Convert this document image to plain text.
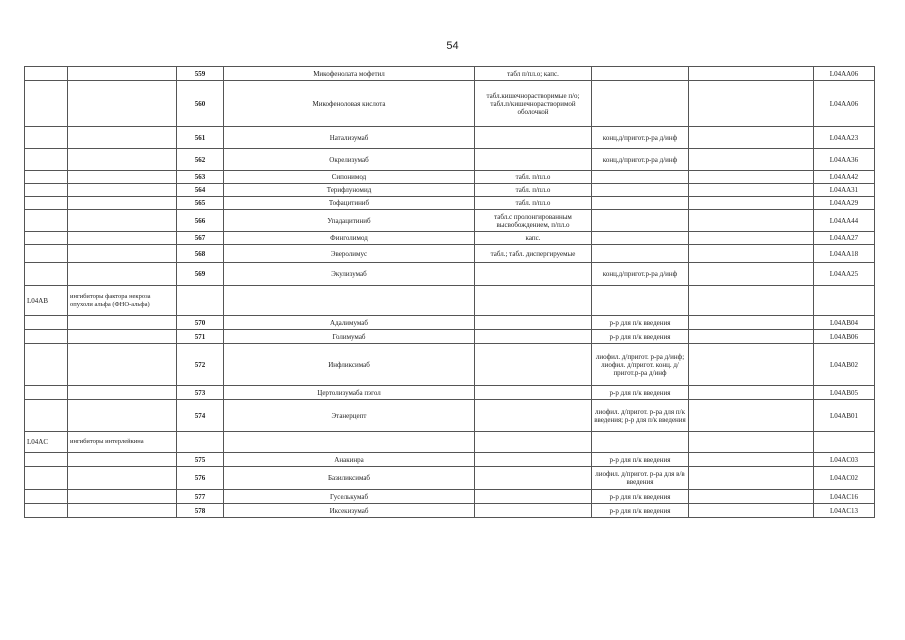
54
		559	Микофенолата мофетил	табл п/пл.о; капс.			L04AA06
		560	Микофеноловая кислота	табл.кишечнорастворимые п/о; табл.п/кишечнорастворимой оболочкой			L04AA06
		561	Натализумаб		конц.д/пригот.р-ра д/инф		L04AA23
		562	Окрелизумаб		конц.д/пригот.р-ра д/инф		L04AA36
		563	Сипонимод	табл. п/пл.о			L04AA42
		564	Терифлуномид	табл. п/пл.о			L04AA31
		565	Тофацитиниб	табл. п/пл.о			L04AA29
		566	Упадацитиниб	табл.с пролонгированным высвобождением, п/пл.о			L04AA44
		567	Финголимод	капс.			L04AA27
		568	Эверолимус	табл.; табл. диспергируемые			L04AA18
		569	Экулизумаб		конц.д/пригот.р-ра д/инф		L04AA25
L04AB	ингибиторы фактора некроза опухоли альфа (ФНО-альфа)						
		570	Адалимумаб		р-р для п/к введения		L04AB04
		571	Голимумаб		р-р для п/к введения		L04AB06
		572	Инфликсимаб		лиофил. д/пригот. р-ра д/инф; лиофил. д/пригот. конц. д/пригот.р-ра д/инф		L04AB02
		573	Цертолизумаба пэгол		р-р для п/к введения		L04AB05
		574	Этанерцепт		лиофил. д/пригот. р-ра для п/к введения; р-р для п/к введения		L04AB01
L04AC	ингибиторы интерлейкина						
		575	Анакинра		р-р для п/к введения		L04AC03
		576	Базиликсимаб		лиофил. д/пригот. р-ра для в/в введения		L04AC02
		577	Гуселькумаб		р-р для п/к введения		L04AC16
		578	Иксекизумаб		р-р для п/к введения		L04AC13
